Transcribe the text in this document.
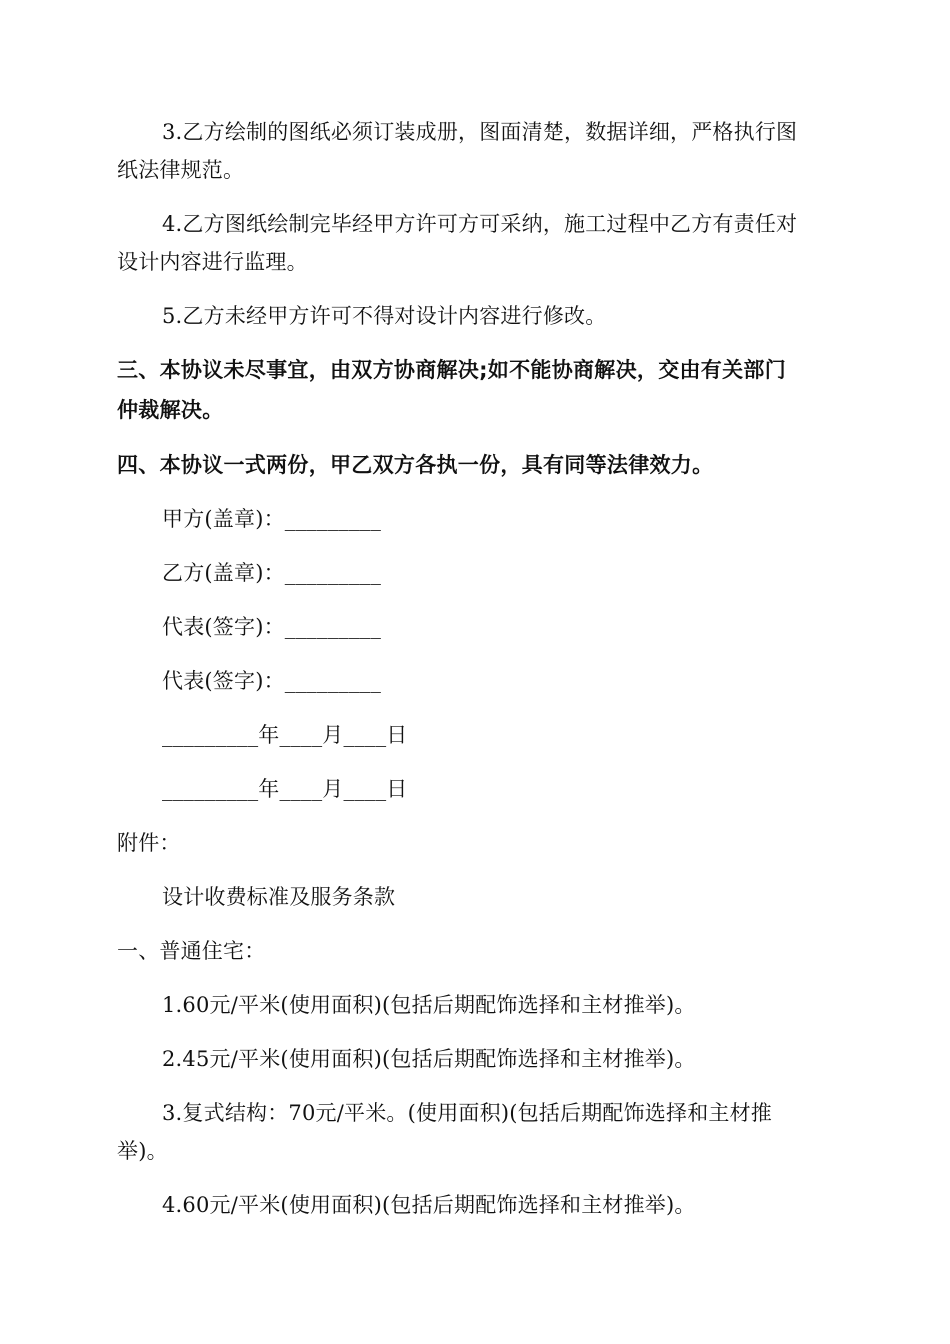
3.乙方绘制的图纸必须订装成册，图面清楚，数据详细，严格执行图
纸法律规范。
4.乙方图纸绘制完毕经甲方许可方可采纳，施工过程中乙方有责任对
设计内容进行监理。
5.乙方未经甲方许可不得对设计内容进行修改。
三、本协议未尽事宜，由双方协商解决;如不能协商解决，交由有关部门
仲裁解决。
四、本协议一式两份，甲乙双方各执一份，具有同等法律效力。
甲方(盖章)：_________
乙方(盖章)：_________
代表(签字)：_________
代表(签字)：_________
_________年____月____日
_________年____月____日
附件：
设计收费标准及服务条款
一、普通住宅：
1.60元/平米(使用面积)(包括后期配饰选择和主材推举)。
2.45元/平米(使用面积)(包括后期配饰选择和主材推举)。
3.复式结构：70元/平米。(使用面积)(包括后期配饰选择和主材推
举)。
4.60元/平米(使用面积)(包括后期配饰选择和主材推举)。
